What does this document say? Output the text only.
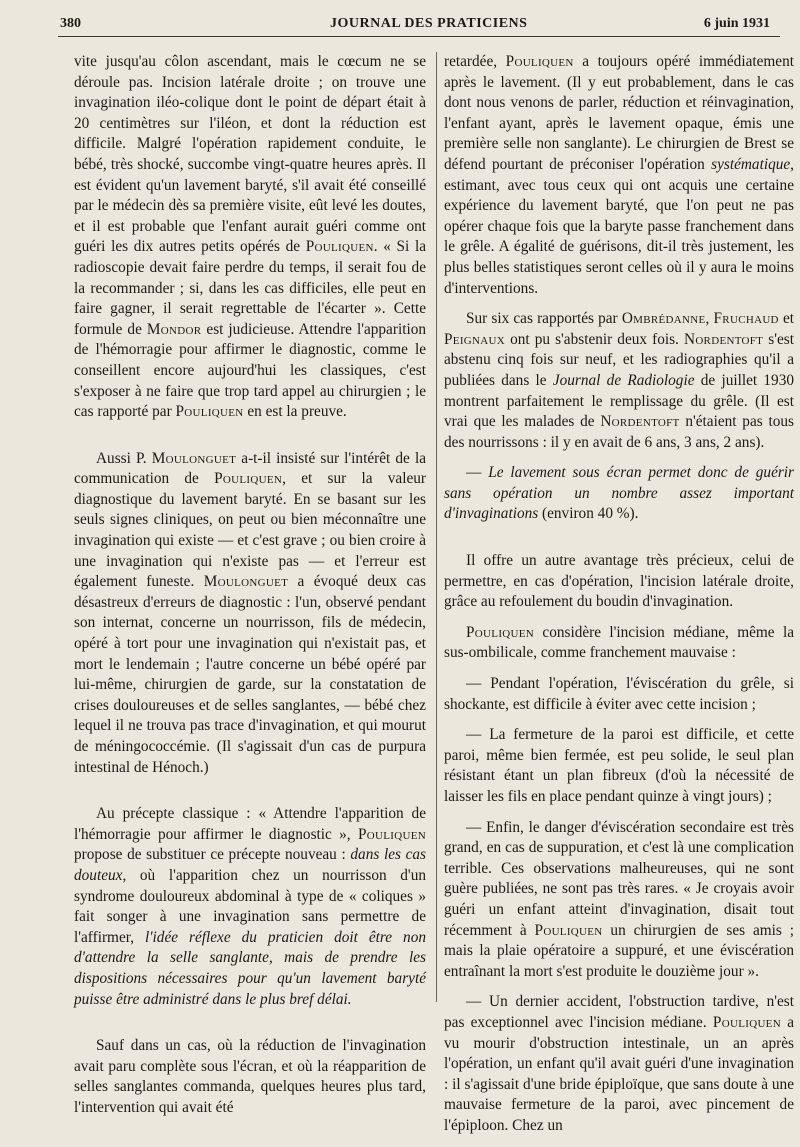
380	JOURNAL DES PRATICIENS	6 juin 1931

vite jusqu'au côlon ascendant, mais le cœcum ne se déroule pas. Incision latérale droite ; on trouve une invagination iléo-colique dont le point de départ était à 20 centimètres sur l'iléon, et dont la réduction est difficile. Malgré l'opération rapidement conduite, le bébé, très shocké, succombe vingt-quatre heures après. Il est évident qu'un lavement baryté, s'il avait été conseillé par le médecin dès sa première visite, eût levé les doutes, et il est probable que l'enfant aurait guéri comme ont guéri les dix autres petits opérés de Pouliquen. « Si la radioscopie devait faire perdre du temps, il serait fou de la recommander ; si, dans les cas difficiles, elle peut en faire gagner, il serait regrettable de l'écarter ». Cette formule de Mondor est judicieuse. Attendre l'apparition de l'hémorragie pour affirmer le diagnostic, comme le conseillent encore aujourd'hui les classiques, c'est s'exposer à ne faire que trop tard appel au chirurgien ; le cas rapporté par Pouliquen en est la preuve.

Aussi P. Moulonguet a-t-il insisté sur l'intérêt de la communication de Pouliquen, et sur la valeur diagnostique du lavement baryté. En se basant sur les seuls signes cliniques, on peut ou bien méconnaître une invagination qui existe — et c'est grave ; ou bien croire à une invagination qui n'existe pas — et l'erreur est également funeste. Moulonguet a évoqué deux cas désastreux d'erreurs de diagnostic : l'un, observé pendant son internat, concerne un nourrisson, fils de médecin, opéré à tort pour une invagination qui n'existait pas, et mort le lendemain ; l'autre concerne un bébé opéré par lui-même, chirurgien de garde, sur la constatation de crises douloureuses et de selles sanglantes, — bébé chez lequel il ne trouva pas trace d'invagination, et qui mourut de méningococcémie. (Il s'agissait d'un cas de purpura intestinal de Hénoch.)

Au précepte classique : « Attendre l'apparition de l'hémorragie pour affirmer le diagnostic », Pouliquen propose de substituer ce précepte nouveau : dans les cas douteux, où l'apparition chez un nourrisson d'un syndrome douloureux abdominal à type de « coliques » fait songer à une invagination sans permettre de l'affirmer, l'idée réflexe du praticien doit être non d'attendre la selle sanglante, mais de prendre les dispositions nécessaires pour qu'un lavement baryté puisse être administré dans le plus bref délai.

Sauf dans un cas, où la réduction de l'invagination avait paru complète sous l'écran, et où la réapparition de selles sanglantes commanda, quelques heures plus tard, l'intervention qui avait été

retardée, Pouliquen a toujours opéré immédiatement après le lavement. (Il y eut probablement, dans le cas dont nous venons de parler, réduction et réinvagination, l'enfant ayant, après le lavement opaque, émis une première selle non sanglante). Le chirurgien de Brest se défend pourtant de préconiser l'opération systématique, estimant, avec tous ceux qui ont acquis une certaine expérience du lavement baryté, que l'on peut ne pas opérer chaque fois que la baryte passe franchement dans le grêle. A égalité de guérisons, dit-il très justement, les plus belles statistiques seront celles où il y aura le moins d'interventions.

Sur six cas rapportés par Ombrédanne, Fruchaud et Peignaux ont pu s'abstenir deux fois. Nordentoft s'est abstenu cinq fois sur neuf, et les radiographies qu'il a publiées dans le Journal de Radiologie de juillet 1930 montrent parfaitement le remplissage du grêle. (Il est vrai que les malades de Nordentoft n'étaient pas tous des nourrissons : il y en avait de 6 ans, 3 ans, 2 ans).

— Le lavement sous écran permet donc de guérir sans opération un nombre assez important d'invaginations (environ 40 %).

Il offre un autre avantage très précieux, celui de permettre, en cas d'opération, l'incision latérale droite, grâce au refoulement du boudin d'invagination.

Pouliquen considère l'incision médiane, même la sus-ombilicale, comme franchement mauvaise :

— Pendant l'opération, l'éviscération du grêle, si shockante, est difficile à éviter avec cette incision ;

— La fermeture de la paroi est difficile, et cette paroi, même bien fermée, est peu solide, le seul plan résistant étant un plan fibreux (d'où la nécessité de laisser les fils en place pendant quinze à vingt jours) ;

— Enfin, le danger d'éviscération secondaire est très grand, en cas de suppuration, et c'est là une complication terrible. Ces observations malheureuses, qui ne sont guère publiées, ne sont pas très rares. « Je croyais avoir guéri un enfant atteint d'invagination, disait tout récemment à Pouliquen un chirurgien de ses amis ; mais la plaie opératoire a suppuré, et une éviscération entraînant la mort s'est produite le douzième jour ».

— Un dernier accident, l'obstruction tardive, n'est pas exceptionnel avec l'incision médiane. Pouliquen a vu mourir d'obstruction intestinale, un an après l'opération, un enfant qu'il avait guéri d'une invagination : il s'agissait d'une bride épiploïque, que sans doute à une mauvaise fermeture de la paroi, avec pincement de l'épiploon. Chez un
